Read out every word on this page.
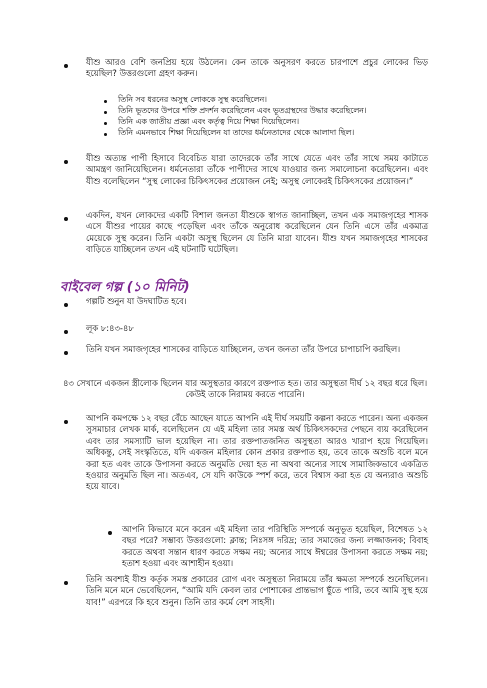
যীশু আরও বেশি জনপ্রিয় হয়ে উঠলেন। কেন তাকে অনুসরণ করতে চারপাশে প্রচুর লোকের ভিড় হয়েছিল? উত্তরগুলো গ্রহণ করুন।
তিনি সব ধরনের অসুস্থ লোককে সুস্থ করেছিলেন।
তিনি ভূতদের উপরে শক্তি প্রদর্শন করেছিলেন এবং ভূতগ্রস্থদের উদ্ধার করেছিলেন।
তিনি এক জাতীয় প্রজ্ঞা এবং কর্তৃত্ব দিয়ে শিক্ষা দিয়েছিলেন।
তিনি এমনভাবে শিক্ষা দিয়েছিলেন যা তাদের ধর্মনেতাদের থেকে আলাদা ছিল।
যীশু অত্যন্ত পাপী হিসাবে বিবেচিত যারা তাদেরকে তাঁর সাথে যেতে এবং তাঁর সাথে সময় কাটাতে আমন্ত্রণ জানিয়েছিলেন। ধর্মনেতারা তাঁকে পাপীদের সাথে যাওয়ার জন্য সমালোচনা করেছিলেন। এবং যীশু বলেছিলেন “সুস্থ লোকের চিকিৎসকের প্রয়োজন নেই; অসুস্থ লোকেরই চিকিৎসকের প্রয়োজন।”
একদিন, যখন লোকদের একটি বিশাল জনতা যীশুকে স্বাগত জানাচ্ছিল, তখন এক সমাজগৃহের শাসক এসে যীশুর পায়ের কাছে পড়েছিল এবং তাঁকে অনুরোধ করেছিলেন যেন তিনি এসে তাঁর একমাত্র মেয়েকে সুস্থ করেন। তিনি একটা অসুস্থ ছিলেন যে তিনি মারা যাবেন। যীশু যখন সমাজগৃহের শাসকের বাড়িতে যাচ্ছিলেন তখন এই ঘটনাটি ঘটেছিল।
বাইবেল গল্প (১০ মিনিট)
গল্পটি শুনুন যা উদঘাটিত হবে।
লূক ৮:৪৩-৪৮
তিনি যখন সমাজগৃহের শাসকের বাড়িতে যাচ্ছিলেন, তখন জনতা তাঁর উপরে চাপাচাপি করছিল।
৪৩ সেখানে একজন স্ত্রীলোক ছিলেন যার অসুস্থতার কারণে রক্তপাত হত। তার অসুস্থতা দীর্ঘ ১২ বছর ধরে ছিল। কেউই তাকে নিরাময় করতে পারেনি।
আপনি কমপক্ষে ১২ বছর বেঁচে আছেন যাতে আপনি এই দীর্ঘ সময়টি কল্পনা করতে পারেন। অন্য একজন সুসমাচার লেখক মার্ক, বলেছিলেন যে এই মহিলা তার সমস্ত অর্থ চিকিৎসকদের পেছনে ব্যয় করেছিলেন এবং তার সমস্যাটি ভাল হয়েছিল না। তার রক্তপাতজনিত অসুস্থতা আরও খারাপ হয়ে গিয়েছিল। অধিকন্তু, সেই সংস্কৃতিতে, যদি একজন মহিলার কোন প্রকার রক্তপাত হয়, তবে তাকে অশুচি বলে মনে করা হত এবং তাকে উপাসনা করতে অনুমতি দেয়া হত না অথবা অন্যের সাথে সামাজিকভাবে একত্রিত হওয়ার অনুমতি ছিল না। অতএব, সে যদি কাউকে স্পর্শ করে, তবে বিশ্বাস করা হত যে অন্যরাও অশুচি হয়ে যাবে।
আপনি কিভাবে মনে করেন এই মহিলা তার পরিস্থিতি সম্পর্কে অনুভূত হয়েছিল, বিশেষত ১২ বছর পরে? সম্ভাব্য উত্তরগুলো: ক্লান্ত; নিঃসঙ্গ দরিদ্র; তার সমাজের জন্য লজ্জাজনক; বিবাহ করতে অথবা সন্তান ধারণ করতে সক্ষম নয়; অন্যের সাথে ঈশ্বরের উপাসনা করতে সক্ষম নয়; হতাশ হওয়া এবং আশাহীন হওয়া।
তিনি অবশ্যই যীশু কর্তৃক সমস্ত প্রকারের রোগ এবং অসুস্থতা নিরাময়ে তাঁর ক্ষমতা সম্পর্কে শুনেছিলেন। তিনি মনে মনে ভেবেছিলেন, “আমি যদি কেবল তার পোশাকের প্রান্তভাগ ছুঁতে পারি, তবে আমি সুস্থ হয়ে যাব!” এরপরে কি হবে শুনুন। তিনি তার কর্মে বেশ সাহসী।
